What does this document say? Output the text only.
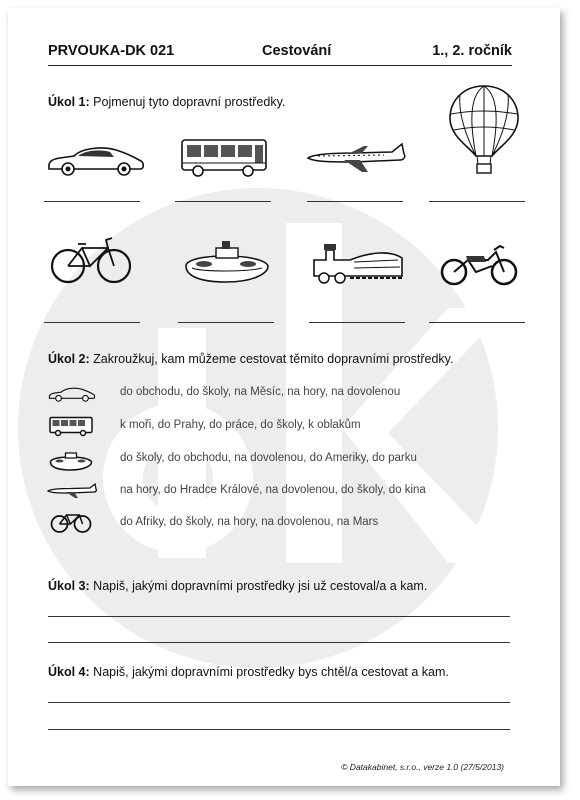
PRVOUKA-DK 021	Cestování	1., 2. ročník
Úkol 1: Pojmenuj tyto dopravní prostředky.
Úkol 2: Zakroužkuj, kam můžeme cestovat těmito dopravními prostředky.
do obchodu, do školy, na Měsíc, na hory, na dovolenou
k moři, do Prahy, do práce, do školy, k oblakům
do školy, do obchodu, na dovolenou, do Ameriky, do parku
na hory, do Hradce Králové, na dovolenou, do školy, do kina
do Afriky, do školy, na hory, na dovolenou, na Mars
Úkol 3: Napiš, jakými dopravními prostředky jsi už cestoval/a a kam.
Úkol 4: Napiš, jakými dopravními prostředky bys chtěl/a cestovat a kam.
© Datakabinet, s.r.o., verze 1.0 (27/5/2013)
